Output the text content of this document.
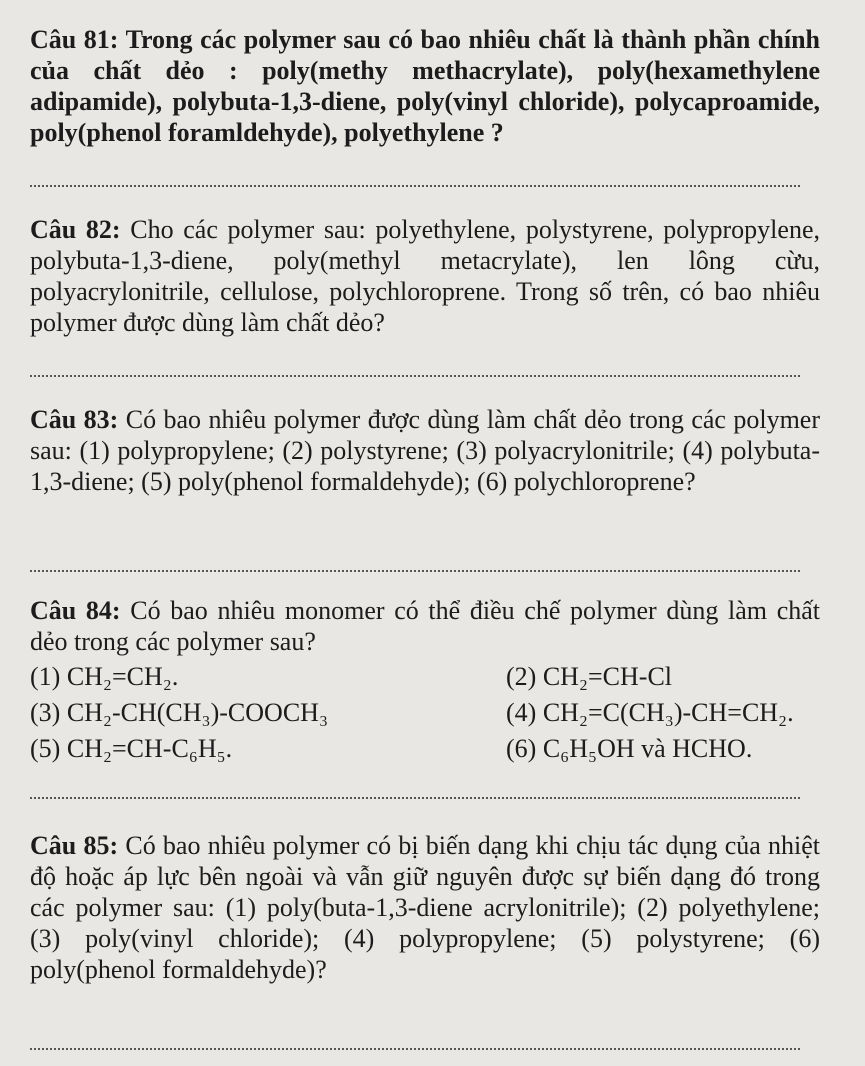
Câu 81: Trong các polymer sau có bao nhiêu chất là thành phần chính của chất dẻo : poly(methy methacrylate), poly(hexamethylene adipamide), polybuta-1,3-diene, poly(vinyl chloride), polycaproamide, poly(phenol foramldehyde), polyethylene ?
Câu 82: Cho các polymer sau: polyethylene, polystyrene, polypropylene, polybuta-1,3-diene, poly(methyl metacrylate), len lông cừu, polyacrylonitrile, cellulose, polychloroprene. Trong số trên, có bao nhiêu polymer được dùng làm chất dẻo?
Câu 83: Có bao nhiêu polymer được dùng làm chất dẻo trong các polymer sau: (1) polypropylene; (2) polystyrene; (3) polyacrylonitrile; (4) polybuta-1,3-diene; (5) poly(phenol formaldehyde); (6) polychloroprene?
Câu 84: Có bao nhiêu monomer có thể điều chế polymer dùng làm chất dẻo trong các polymer sau?
(1) CH₂=CH₂.	(2) CH₂=CH-Cl
(3) CH₂-CH(CH₃)-COOCH₃	(4) CH₂=C(CH₃)-CH=CH₂.
(5) CH₂=CH-C₆H₅.	(6) C₆H₅OH và HCHO.
Câu 85: Có bao nhiêu polymer có bị biến dạng khi chịu tác dụng của nhiệt độ hoặc áp lực bên ngoài và vẫn giữ nguyên được sự biến dạng đó trong các polymer sau: (1) poly(buta-1,3-diene acrylonitrile); (2) polyethylene; (3) poly(vinyl chloride); (4) polypropylene; (5) polystyrene; (6) poly(phenol formaldehyde)?
